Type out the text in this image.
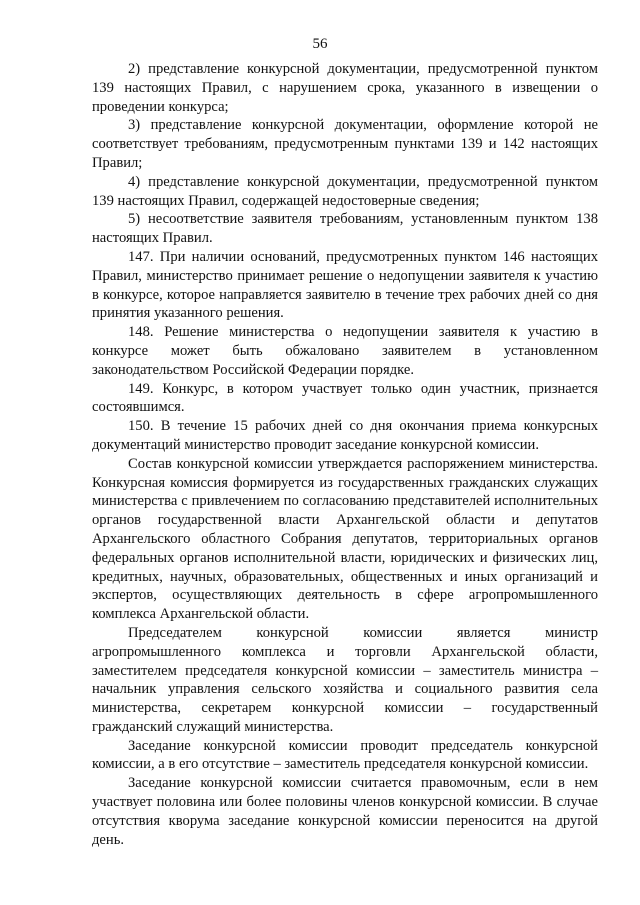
56

2) представление конкурсной документации, предусмотренной пунктом 139 настоящих Правил, с нарушением срока, указанного в извещении о проведении конкурса;

3) представление конкурсной документации, оформление которой не соответствует требованиям, предусмотренным пунктами 139 и 142 настоящих Правил;

4) представление конкурсной документации, предусмотренной пунктом 139 настоящих Правил, содержащей недостоверные сведения;

5) несоответствие заявителя требованиям, установленным пунктом 138 настоящих Правил.

147. При наличии оснований, предусмотренных пунктом 146 настоящих Правил, министерство принимает решение о недопущении заявителя к участию в конкурсе, которое направляется заявителю в течение трех рабочих дней со дня принятия указанного решения.

148. Решение министерства о недопущении заявителя к участию в конкурсе может быть обжаловано заявителем в установленном законодательством Российской Федерации порядке.

149. Конкурс, в котором участвует только один участник, признается состоявшимся.

150. В течение 15 рабочих дней со дня окончания приема конкурсных документаций министерство проводит заседание конкурсной комиссии.

Состав конкурсной комиссии утверждается распоряжением министерства. Конкурсная комиссия формируется из государственных гражданских служащих министерства с привлечением по согласованию представителей исполнительных органов государственной власти Архангельской области и депутатов Архангельского областного Собрания депутатов, территориальных органов федеральных органов исполнительной власти, юридических и физических лиц, кредитных, научных, образовательных, общественных и иных организаций и экспертов, осуществляющих деятельность в сфере агропромышленного комплекса Архангельской области.

Председателем конкурсной комиссии является министр агропромышленного комплекса и торговли Архангельской области, заместителем председателя конкурсной комиссии – заместитель министра – начальник управления сельского хозяйства и социального развития села министерства, секретарем конкурсной комиссии – государственный гражданский служащий министерства.

Заседание конкурсной комиссии проводит председатель конкурсной комиссии, а в его отсутствие – заместитель председателя конкурсной комиссии.

Заседание конкурсной комиссии считается правомочным, если в нем участвует половина или более половины членов конкурсной комиссии. В случае отсутствия кворума заседание конкурсной комиссии переносится на другой день.
